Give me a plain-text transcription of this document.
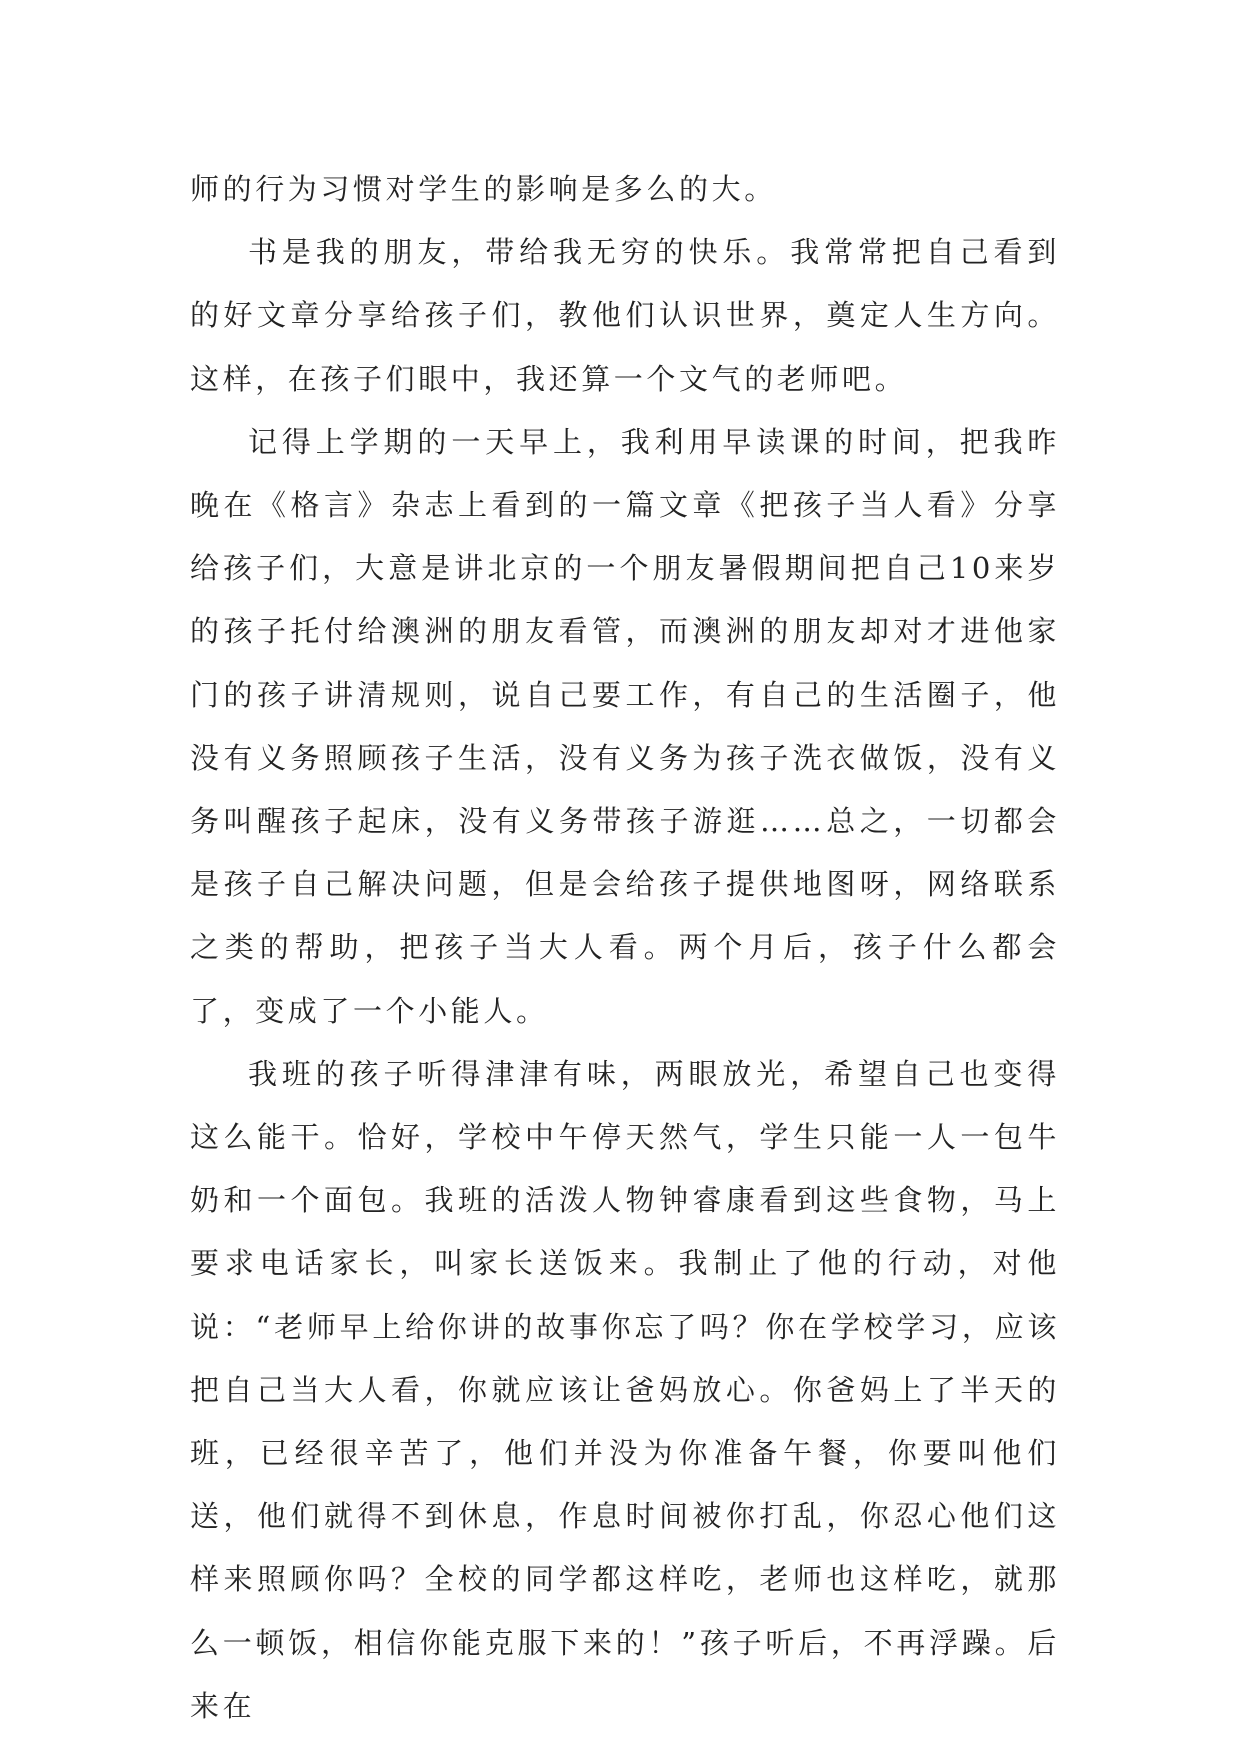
师的行为习惯对学生的影响是多么的大。

书是我的朋友，带给我无穷的快乐。我常常把自己看到的好文章分享给孩子们，教他们认识世界，奠定人生方向。这样，在孩子们眼中，我还算一个文气的老师吧。

记得上学期的一天早上，我利用早读课的时间，把我昨晚在《格言》杂志上看到的一篇文章《把孩子当人看》分享给孩子们，大意是讲北京的一个朋友暑假期间把自己10来岁的孩子托付给澳洲的朋友看管，而澳洲的朋友却对才进他家门的孩子讲清规则，说自己要工作，有自己的生活圈子，他没有义务照顾孩子生活，没有义务为孩子洗衣做饭，没有义务叫醒孩子起床，没有义务带孩子游逛……总之，一切都会是孩子自己解决问题，但是会给孩子提供地图呀，网络联系之类的帮助，把孩子当大人看。两个月后，孩子什么都会了，变成了一个小能人。

我班的孩子听得津津有味，两眼放光，希望自己也变得这么能干。恰好，学校中午停天然气，学生只能一人一包牛奶和一个面包。我班的活泼人物钟睿康看到这些食物，马上要求电话家长，叫家长送饭来。我制止了他的行动，对他说：“老师早上给你讲的故事你忘了吗？你在学校学习，应该把自己当大人看，你就应该让爸妈放心。你爸妈上了半天的班，已经很辛苦了，他们并没为你准备午餐，你要叫他们送，他们就得不到休息，作息时间被你打乱，你忍心他们这样来照顾你吗？全校的同学都这样吃，老师也这样吃，就那么一顿饭，相信你能克服下来的！”孩子听后，不再浮躁。后来在
